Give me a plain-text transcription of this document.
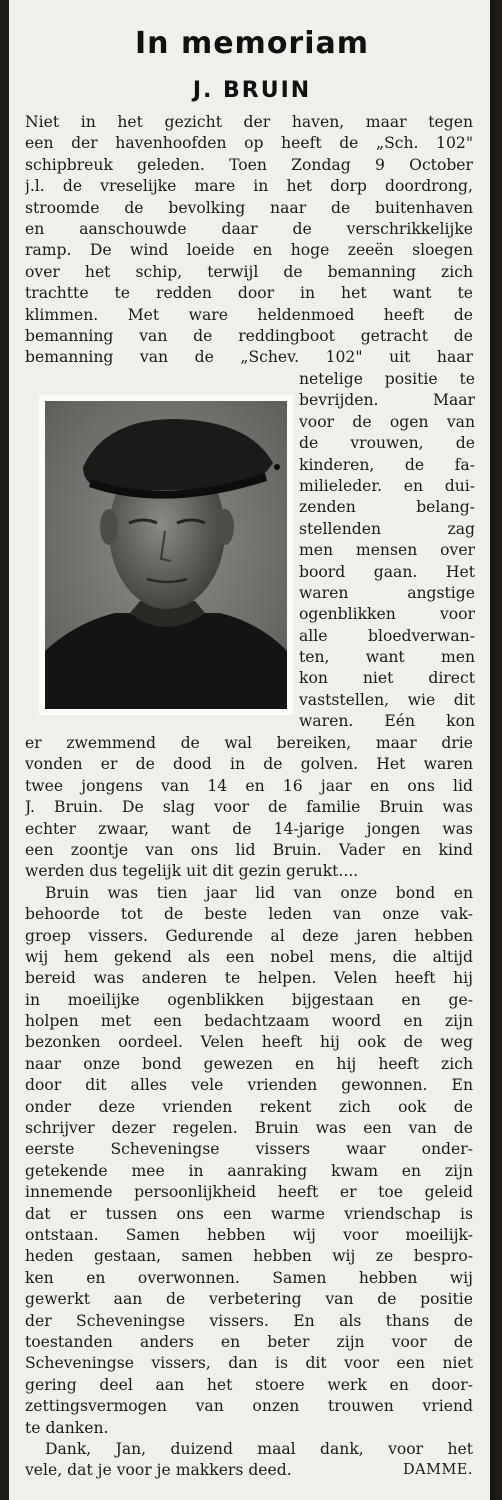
In memoriam
J. BRUIN
Niet in het gezicht der haven, maar tegen
een der havenhoofden op heeft de „Sch. 102"
schipbreuk geleden. Toen Zondag 9 October
j.l. de vreselijke mare in het dorp doordrong,
stroomde de bevolking naar de buitenhaven
en aanschouwde daar de verschrikkelijke
ramp. De wind loeide en hoge zeeën sloegen
over het schip, terwijl de bemanning zich
trachtte te redden door in het want te
klimmen. Met ware heldenmoed heeft de
bemanning van de reddingboot getracht de
bemanning van de „Schev. 102" uit haar
netelige positie te
bevrijden. Maar
voor de ogen van
de vrouwen, de
kinderen, de fa-
milieleder. en dui-
zenden belang-
stellenden zag
men mensen over
boord gaan. Het
waren angstige
ogenblikken voor
alle bloedverwan-
ten, want men
kon niet direct
vaststellen, wie dit
waren. Eén kon
er zwemmend de wal bereiken, maar drie
vonden er de dood in de golven. Het waren
twee jongens van 14 en 16 jaar en ons lid
J. Bruin. De slag voor de familie Bruin was
echter zwaar, want de 14-jarige jongen was
een zoontje van ons lid Bruin. Vader en kind
werden dus tegelijk uit dit gezin gerukt....
Bruin was tien jaar lid van onze bond en
behoorde tot de beste leden van onze vak-
groep vissers. Gedurende al deze jaren hebben
wij hem gekend als een nobel mens, die altijd
bereid was anderen te helpen. Velen heeft hij
in moeilijke ogenblikken bijgestaan en ge-
holpen met een bedachtzaam woord en zijn
bezonken oordeel. Velen heeft hij ook de weg
naar onze bond gewezen en hij heeft zich
door dit alles vele vrienden gewonnen. En
onder deze vrienden rekent zich ook de
schrijver dezer regelen. Bruin was een van de
eerste Scheveningse vissers waar onder-
getekende mee in aanraking kwam en zijn
innemende persoonlijkheid heeft er toe geleid
dat er tussen ons een warme vriendschap is
ontstaan. Samen hebben wij voor moeilijk-
heden gestaan, samen hebben wij ze bespro-
ken en overwonnen. Samen hebben wij
gewerkt aan de verbetering van de positie
der Scheveningse vissers. En als thans de
toestanden anders en beter zijn voor de
Scheveningse vissers, dan is dit voor een niet
gering deel aan het stoere werk en door-
zettingsvermogen van onzen trouwen vriend
te danken.
Dank, Jan, duizend maal dank, voor het
vele, dat je voor je makkers deed.	DAMME.
